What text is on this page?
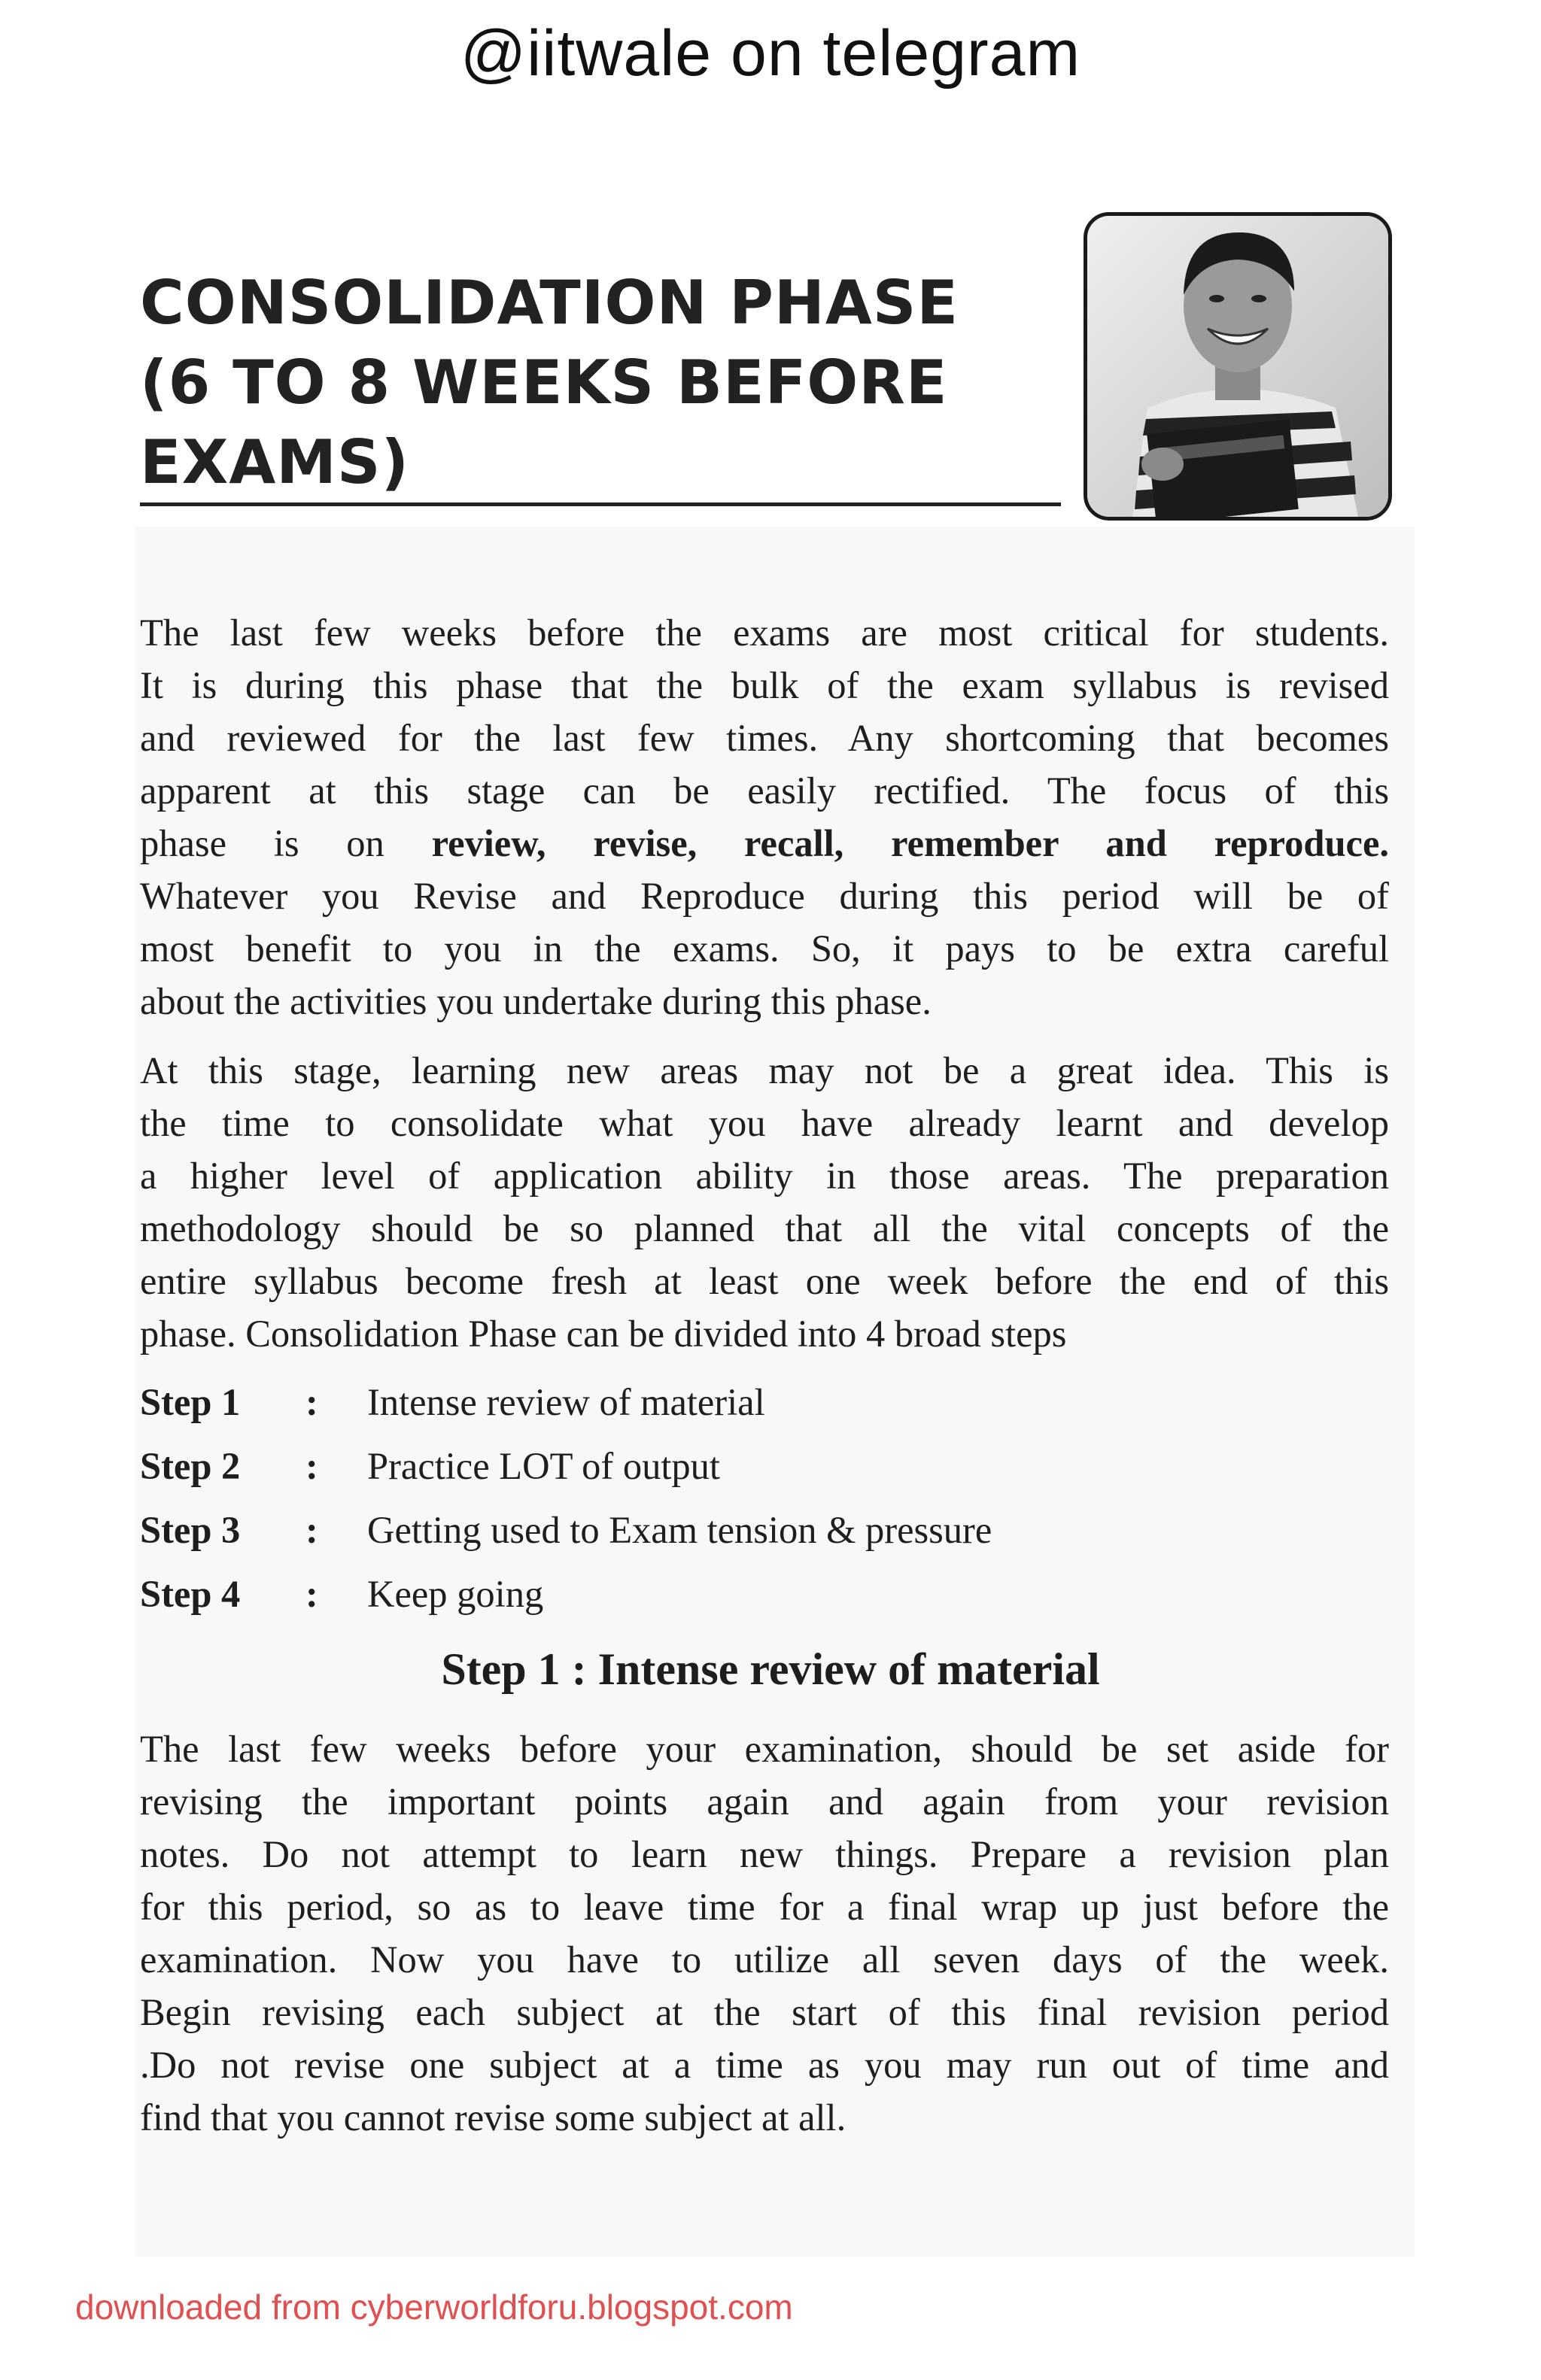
@iitwale on telegram
CONSOLIDATION PHASE
(6 TO 8 WEEKS BEFORE
EXAMS)

The last few weeks before the exams are most critical for students.
It is during this phase that the bulk of the exam syllabus is revised
and reviewed for the last few times. Any shortcoming that becomes
apparent at this stage can be easily rectified. The focus of this
phase is on review, revise, recall, remember and reproduce.
Whatever you Revise and Reproduce during this period will be of
most benefit to you in the exams. So, it pays to be extra careful
about the activities you undertake during this phase.

At this stage, learning new areas may not be a great idea. This is
the time to consolidate what you have already learnt and develop
a higher level of application ability in those areas. The preparation
methodology should be so planned that all the vital concepts of the
entire syllabus become fresh at least one week before the end of this
phase. Consolidation Phase can be divided into 4 broad steps

Step 1	:	Intense review of material
Step 2	:	Practice LOT of output
Step 3	:	Getting used to Exam tension & pressure
Step 4	:	Keep going
Step 1 : Intense review of material

The last few weeks before your examination, should be set aside for
revising the important points again and again from your revision
notes. Do not attempt to learn new things. Prepare a revision plan
for this period, so as to leave time for a final wrap up just before the
examination. Now you have to utilize all seven days of the week.
Begin revising each subject at the start of this final revision period
.Do not revise one subject at a time as you may run out of time and
find that you cannot revise some subject at all.

downloaded from cyberworldforu.blogspot.com
